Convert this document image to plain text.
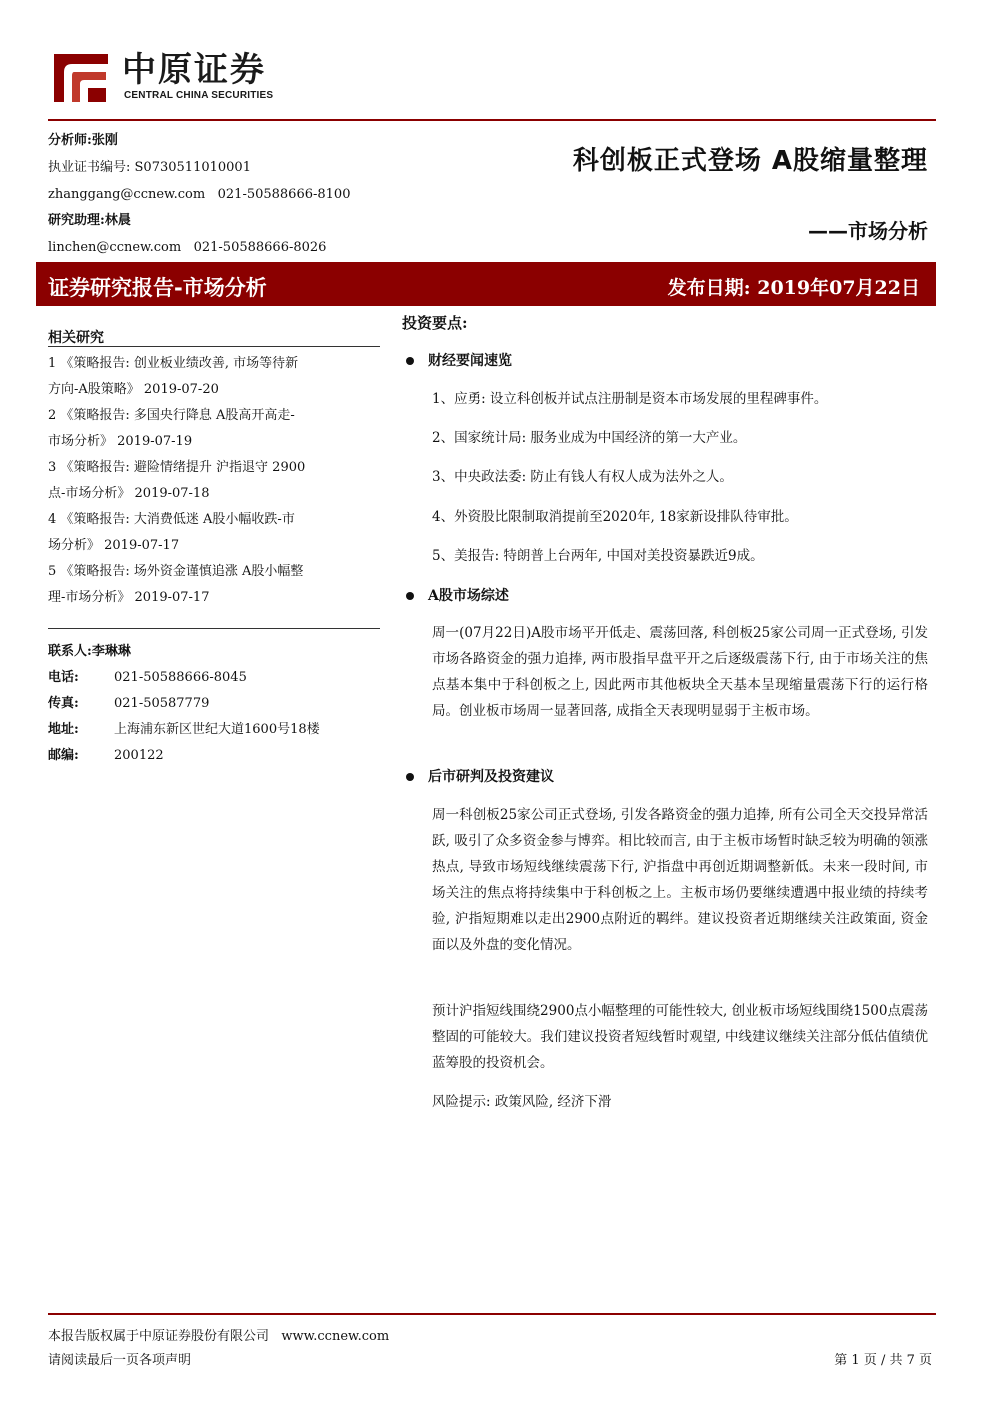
中原证券
CENTRAL CHINA SECURITIES
分析师:张刚
执业证书编号: S0730511010001
zhanggang@ccnew.com 021-50588666-8100
研究助理:林晨
linchen@ccnew.com 021-50588666-8026
科创板正式登场 A股缩量整理
——市场分析
证券研究报告-市场分析	发布日期: 2019年07月22日
相关研究
1 《策略报告: 创业板业绩改善, 市场等待新
方向-A股策略》 2019-07-20
2 《策略报告: 多国央行降息 A股高开高走-
市场分析》 2019-07-19
3 《策略报告: 避险情绪提升 沪指退守 2900
点-市场分析》 2019-07-18
4 《策略报告: 大消费低迷 A股小幅收跌-市
场分析》 2019-07-17
5 《策略报告: 场外资金谨慎追涨 A股小幅整
理-市场分析》 2019-07-17
联系人:李琳琳
电话:	021-50588666-8045
传真:	021-50587779
地址:	上海浦东新区世纪大道1600号18楼
邮编:	200122
投资要点:
财经要闻速览
1、应勇: 设立科创板并试点注册制是资本市场发展的里程碑事件。
2、国家统计局: 服务业成为中国经济的第一大产业。
3、中央政法委: 防止有钱人有权人成为法外之人。
4、外资股比限制取消提前至2020年, 18家新设排队待审批。
5、美报告: 特朗普上台两年, 中国对美投资暴跌近9成。
A股市场综述
周一(07月22日)A股市场平开低走、震荡回落, 科创板25家公司周一正式登场, 引发市场各路资金的强力追捧, 两市股指早盘平开之后逐级震荡下行, 由于市场关注的焦点基本集中于科创板之上, 因此两市其他板块全天基本呈现缩量震荡下行的运行格局。创业板市场周一显著回落, 成指全天表现明显弱于主板市场。
后市研判及投资建议
周一科创板25家公司正式登场, 引发各路资金的强力追捧, 所有公司全天交投异常活跃, 吸引了众多资金参与博弈。相比较而言, 由于主板市场暂时缺乏较为明确的领涨热点, 导致市场短线继续震荡下行, 沪指盘中再创近期调整新低。未来一段时间, 市场关注的焦点将持续集中于科创板之上。主板市场仍要继续遭遇中报业绩的持续考验, 沪指短期难以走出2900点附近的羁绊。建议投资者近期继续关注政策面, 资金面以及外盘的变化情况。
预计沪指短线围绕2900点小幅整理的可能性较大, 创业板市场短线围绕1500点震荡整固的可能较大。我们建议投资者短线暂时观望, 中线建议继续关注部分低估值绩优蓝筹股的投资机会。
风险提示: 政策风险, 经济下滑
本报告版权属于中原证券股份有限公司 www.ccnew.com
请阅读最后一页各项声明	第 1 页 / 共 7 页
